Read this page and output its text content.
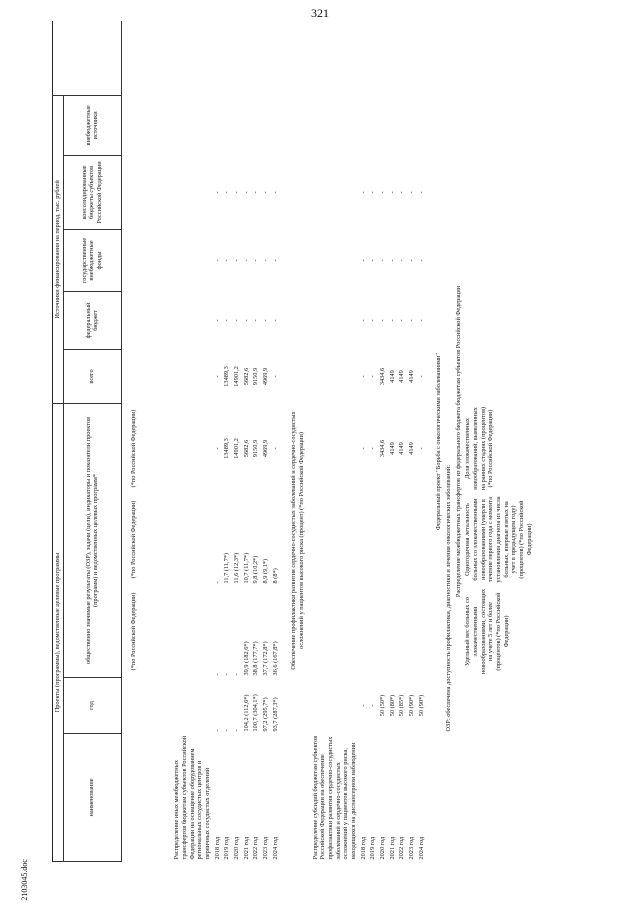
321
2103045.doc
Проекты (программы), ведомственные целевые программы					Источники финансирования на период, тыс. рублей					
наименование	год	общественно значимые результаты (ОЗР), задачи (цели), индикаторы и показатели проектов (программ) и ведомственных целевых программ*			всего	федеральный бюджет	государственные внебюджетные фонды	консолидированные бюджеты субъектов Российской Федерации	внебюджетные источники	

Распределение иных межбюджетных трансфертов бюджетам субъектов Российской Федерации на оснащение оборудованием региональных сосудистых центров и первичных сосудистых отделений		(*по Российской Федерации)	(*по Российской Федерации)	(*по Российской Федерации)						
2018 год	-	-	-	-	-	-	-	-		
2019 год	-	-	11,7 (11,7*)	13489,3	13489,3	-	-	-		
2020 год	-	-	11,6 (12,3*)	14901,2	14901,2	-	-	-		
2021 год	104,2 (112,6*)	39,9 (182,6*)	10,7 (11,7*)	5682,6	5682,6	-	-	-		
2022 год	100,7 (304,1*)	38,8 (177,7*)	9,8 (10,2*)	9150,9	9150,9	-	-	-		
2023 год	97,2 (295,7*)	37,7 (172,8*)	8,9 (9,1*)	4969,9	4969,9	-	-	-		
2024 год	93,7 (287,3*)	36,6 (167,8*)	8 (8*)	-	-	-	-	-		

		Обеспечение профилактики развития сердечно-сосудистых заболеваний и сердечно-сосудистых осложнений у пациентов высокого риска (процент) (*по Российской Федерации)								

Распределение субсидий бюджетам субъектов Российской Федерации на обеспечение профилактики развития сердечно-сосудистых заболеваний и сердечно-сосудистых осложнений у пациентов высокого риска, находящихся на диспансерном наблюдении										
2018 год	-			-	-	-	-	-		
2019 год	-			-	-	-	-	-		
2020 год	50 (50*)			3434,6	3434,6	-	-	-		
2021 год	50 (80*)			4149	4149	-	-	-		
2022 год	50 (85*)			4149	4149	-	-	-		
2023 год	50 (90*)			4149	4149	-	-	-		
2024 год	50 (90*)			-	-	-	-	-		

Федеральный проект "Борьба с онкологическими заболеваниями"										
	ОЗР: обеспечена доступность профилактики, диагностики и лечения онкологических заболеваний:									
Распределение межбюджетных трансфертов из федерального бюджета бюджетам субъектов Российской Федерации										
		Удельный вес больных со злокачественными новообразованиями, состоящих на учете 5 лет и более (процентов) (*по Российской Федерации)	Одногодичная летальность больных со злокачественными новообразованиями (умерли в течение первого года с момента установления диагноза из числа больных, впервые взятых на учет в предыдущем году) (процентов) (*по Российской Федерации)	Доля злокачественных новообразований, выявленных на ранних стадиях (процентов) (*по Российской Федерации)						
